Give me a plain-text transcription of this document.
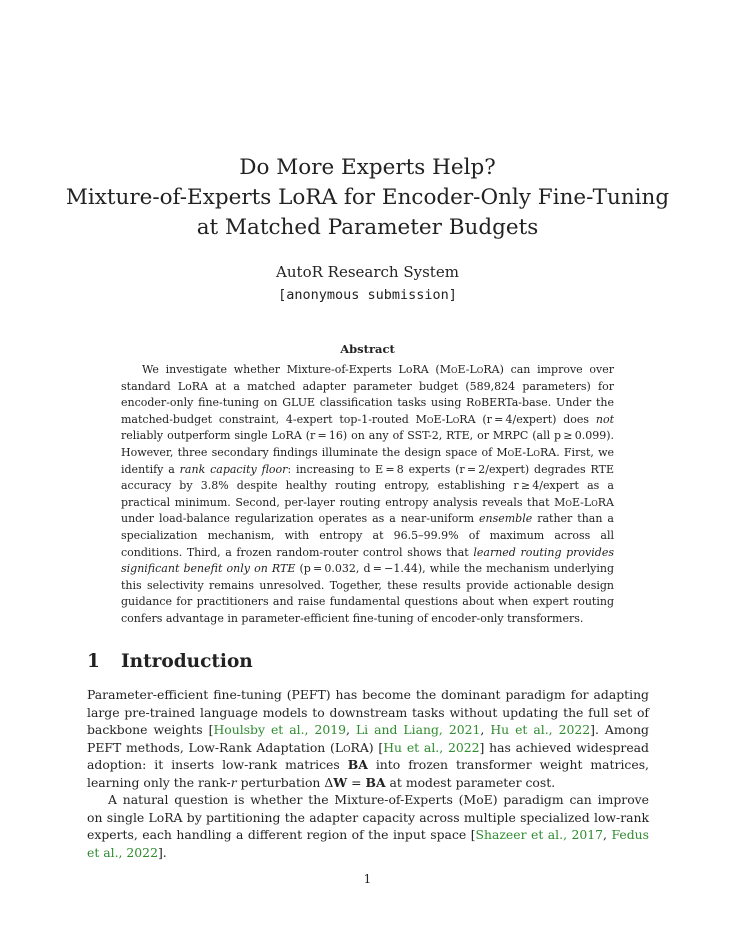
Do More Experts Help?
Mixture-of-Experts LoRA for Encoder-Only Fine-Tuning
at Matched Parameter Budgets
AutoR Research System
[anonymous submission]
Abstract

We investigate whether Mixture-of-Experts LoRA (MoE-LoRA) can improve over standard LoRA at a matched adapter parameter budget (589,824 parameters) for encoder-only fine-tuning on GLUE classification tasks using RoBERTa-base. Under the matched-budget constraint, 4-expert top-1-routed MoE-LoRA (r = 4/expert) does not reliably outperform single LoRA (r = 16) on any of SST-2, RTE, or MRPC (all p ≥ 0.099). However, three secondary findings illuminate the design space of MoE-LoRA. First, we identify a rank capacity floor: increasing to E = 8 experts (r = 2/expert) degrades RTE accuracy by 3.8% despite healthy routing entropy, establishing r ≥ 4/expert as a practical minimum. Second, per-layer routing entropy analysis reveals that MoE-LoRA under load-balance regularization operates as a near-uniform ensemble rather than a specialization mechanism, with entropy at 96.5–99.9% of maximum across all conditions. Third, a frozen random-router control shows that learned routing provides significant benefit only on RTE (p = 0.032, d = −1.44), while the mechanism underlying this selectivity remains unresolved. Together, these results provide actionable design guidance for practitioners and raise fundamental questions about when expert routing confers advantage in parameter-efficient fine-tuning of encoder-only transformers.

1 Introduction

Parameter-efficient fine-tuning (PEFT) has become the dominant paradigm for adapting large pre-trained language models to downstream tasks without updating the full set of backbone weights [Houlsby et al., 2019, Li and Liang, 2021, Hu et al., 2022]. Among PEFT methods, Low-Rank Adaptation (LoRA) [Hu et al., 2022] has achieved widespread adoption: it inserts low-rank matrices BA into frozen transformer weight matrices, learning only the rank-r perturbation ΔW = BA at modest parameter cost.

A natural question is whether the Mixture-of-Experts (MoE) paradigm can improve on single LoRA by partitioning the adapter capacity across multiple specialized low-rank experts, each handling a different region of the input space [Shazeer et al., 2017, Fedus et al., 2022].

1
